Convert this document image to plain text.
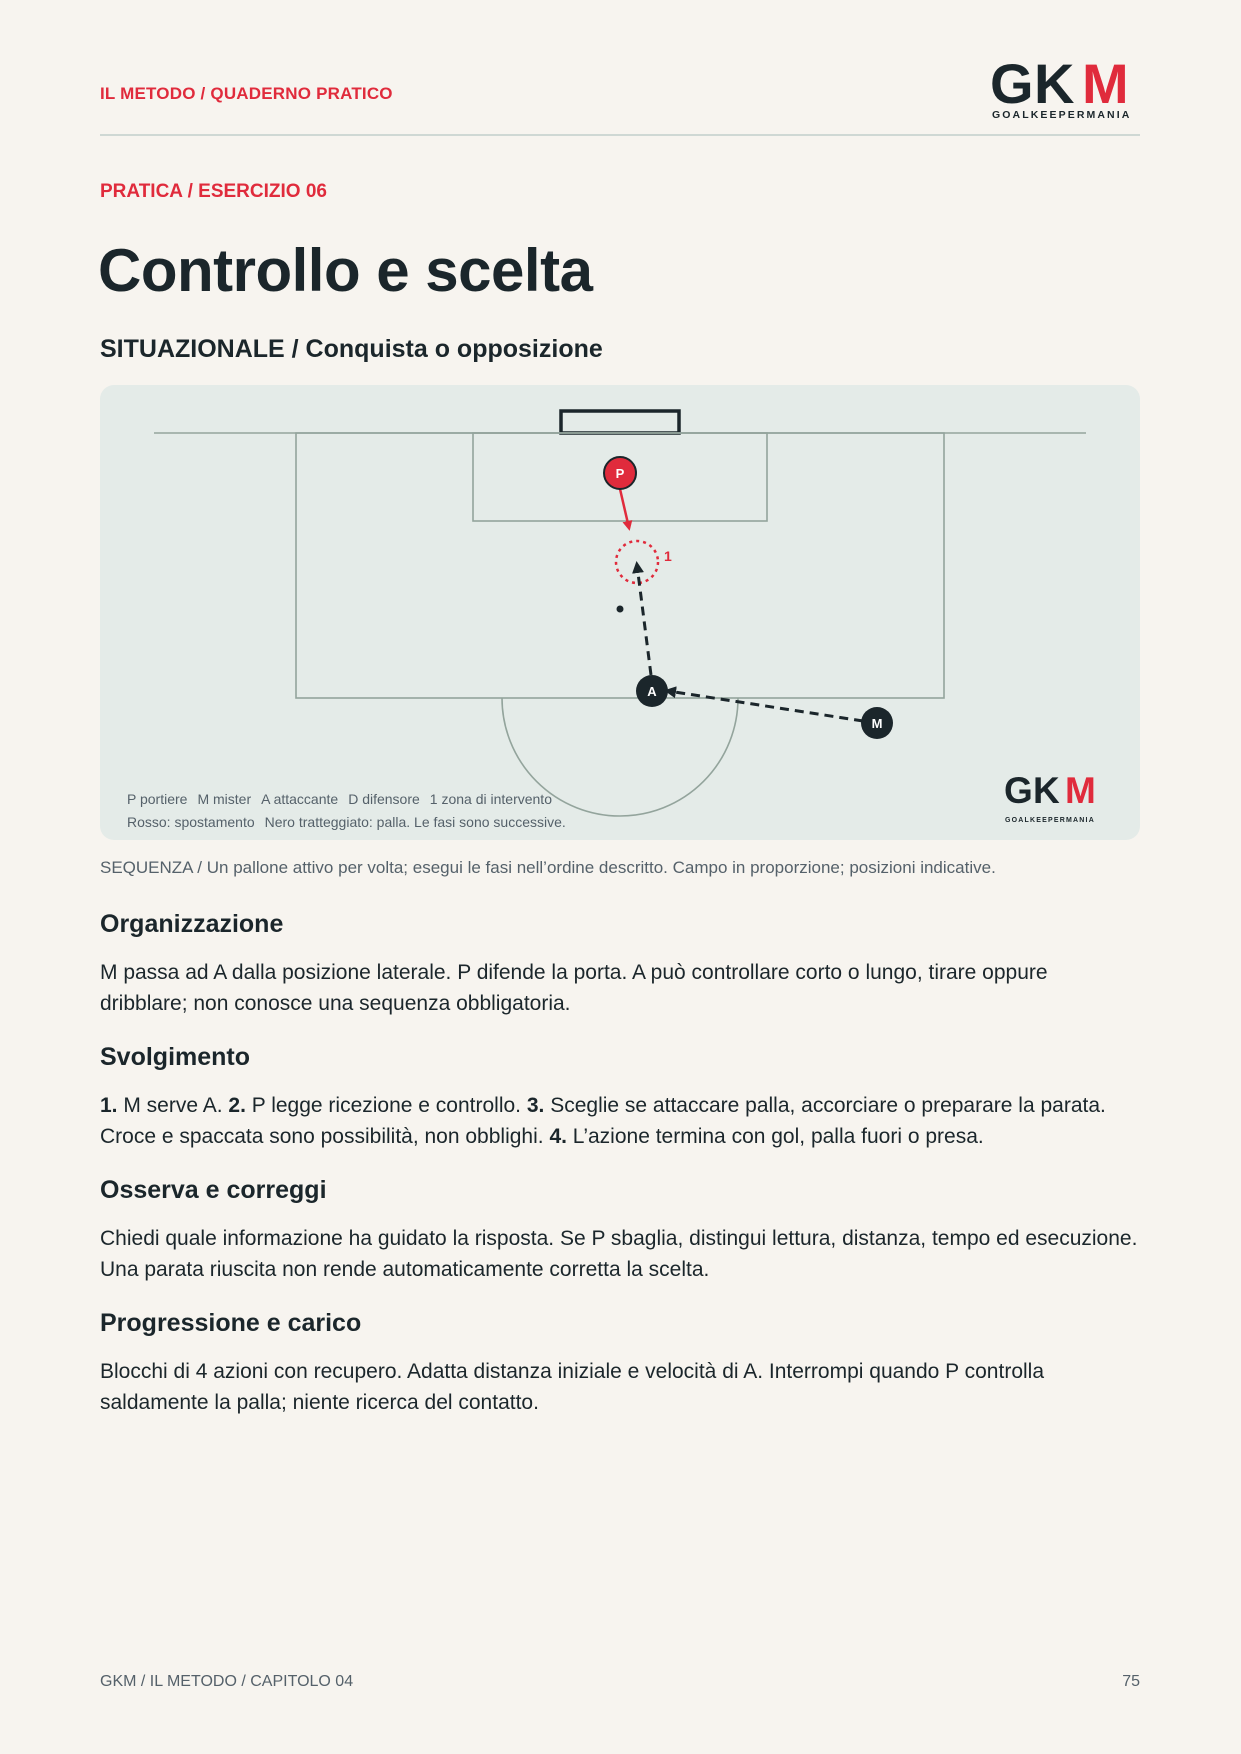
IL METODO / QUADERNO PRATICO	G K M
GOALKEEPERMANIA
PRATICA / ESERCIZIO 06
Controllo e scelta
SITUAZIONALE / Conquista o opposizione
1
P
A
M
G K M
GOALKEEPERMANIA
P portiere M mister A attaccante D difensore 1 zona di intervento
Rosso: spostamento Nero tratteggiato: palla. Le fasi sono successive.
SEQUENZA / Un pallone attivo per volta; esegui le fasi nell’ordine descritto. Campo in proporzione; posizioni indicative.
Organizzazione

M passa ad A dalla posizione laterale. P difende la porta. A può controllare corto o lungo, tirare oppure dribblare; non conosce una sequenza obbligatoria.

Svolgimento

1. M serve A. 2. P legge ricezione e controllo. 3. Sceglie se attaccare palla, accorciare o preparare la parata. Croce e spaccata sono possibilità, non obblighi. 4. L’azione termina con gol, palla fuori o presa.

Osserva e correggi

Chiedi quale informazione ha guidato la risposta. Se P sbaglia, distingui lettura, distanza, tempo ed esecuzione. Una parata riuscita non rende automaticamente corretta la scelta.

Progressione e carico

Blocchi di 4 azioni con recupero. Adatta distanza iniziale e velocità di A. Interrompi quando P controlla saldamente la palla; niente ricerca del contatto.

GKM / IL METODO / CAPITOLO 04	75
